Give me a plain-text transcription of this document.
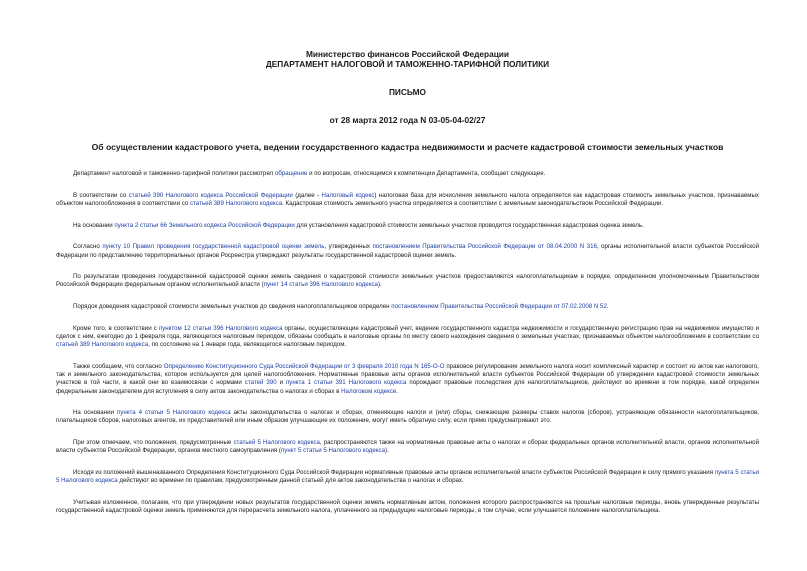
Министерство финансов Российской Федерации
ДЕПАРТАМЕНТ НАЛОГОВОЙ И ТАМОЖЕННО-ТАРИФНОЙ ПОЛИТИКИ
ПИСЬМО
от 28 марта 2012 года N 03-05-04-02/27
Об осуществлении кадастрового учета, ведении государственного кадастра недвижимости и расчете кадастровой стоимости земельных участков

Департамент налоговой и таможенно-тарифной политики рассмотрел обращение и по вопросам, относящимся к компетенции Департамента, сообщает следующее.

В соответствии со статьей 390 Налогового кодекса Российской Федерации (далее - Налоговый кодекс) налоговая база для исчисления земельного налога определяется как кадастровая стоимость земельных участков, признаваемых объектом налогообложения в соответствии со статьей 389 Налогового кодекса. Кадастровая стоимость земельного участка определяется в соответствии с земельным законодательством Российской Федерации.

На основании пункта 2 статьи 66 Земельного кодекса Российской Федерации для установления кадастровой стоимости земельных участков проводится государственная кадастровая оценка земель.

Согласно пункту 10 Правил проведения государственной кадастровой оценки земель, утвержденных постановлением Правительства Российской Федерации от 08.04.2000 N 316, органы исполнительной власти субъектов Российской Федерации по представлению территориальных органов Росреестра утверждают результаты государственной кадастровой оценки земель.

По результатам проведения государственной кадастровой оценки земель сведения о кадастровой стоимости земельных участков предоставляются налогоплательщикам в порядке, определенном уполномоченным Правительством Российской Федерации федеральным органом исполнительной власти (пункт 14 статьи 396 Налогового кодекса).

Порядок доведения кадастровой стоимости земельных участков до сведения налогоплательщиков определен постановлением Правительства Российской Федерации от 07.02.2008 N 52.

Кроме того, в соответствии с пунктом 12 статьи 396 Налогового кодекса органы, осуществляющие кадастровый учет, ведение государственного кадастра недвижимости и государственную регистрацию прав на недвижимое имущество и сделок с ним, ежегодно до 1 февраля года, являющегося налоговым периодом, обязаны сообщать в налоговые органы по месту своего нахождения сведения о земельных участках, признаваемых объектом налогообложения в соответствии со статьей 389 Налогового кодекса, по состоянию на 1 января года, являющегося налоговым периодом.

Также сообщаем, что согласно Определению Конституционного Суда Российской Федерации от 3 февраля 2010 года N 165-О-О правовое регулирование земельного налога носит комплексный характер и состоит из актов как налогового, так и земельного законодательства, которое используется для целей налогообложения. Нормативные правовые акты органов исполнительной власти субъектов Российской Федерации об утверждении кадастровой стоимости земельных участков в той части, в какой они во взаимосвязи с нормами статей 390 и пункта 1 статьи 391 Налогового кодекса порождают правовые последствия для налогоплательщиков, действуют во времени в том порядке, какой определен федеральным законодателем для вступления в силу актов законодательства о налогах и сборах в Налоговом кодексе.

На основании пункта 4 статьи 5 Налогового кодекса акты законодательства о налогах и сборах, отменяющие налоги и (или) сборы, снижающие размеры ставок налогов (сборов), устраняющие обязанности налогоплательщиков, плательщиков сборов, налоговых агентов, их представителей или иным образом улучшающие их положение, могут иметь обратную силу, если прямо предусматривают это.

При этом отмечаем, что положения, предусмотренные статьей 5 Налогового кодекса, распространяются также на нормативные правовые акты о налогах и сборах федеральных органов исполнительной власти, органов исполнительной власти субъектов Российской Федерации, органов местного самоуправления (пункт 5 статьи 5 Налогового кодекса).

Исходя из положений вышеназванного Определения Конституционного Суда Российской Федерации нормативные правовые акты органов исполнительной власти субъектов Российской Федерации в силу прямого указания пункта 5 статьи 5 Налогового кодекса действуют во времени по правилам, предусмотренным данной статьей для актов законодательства о налогах и сборах.

Учитывая изложенное, полагаем, что при утверждении новых результатов государственной оценки земель нормативным актом, положения которого распространяются на прошлые налоговые периоды, вновь утвержденные результаты государственной кадастровой оценки земель применяются для перерасчета земельного налога, уплаченного за предыдущие налоговые периоды, в том случае, если улучшается положение налогоплательщика.
